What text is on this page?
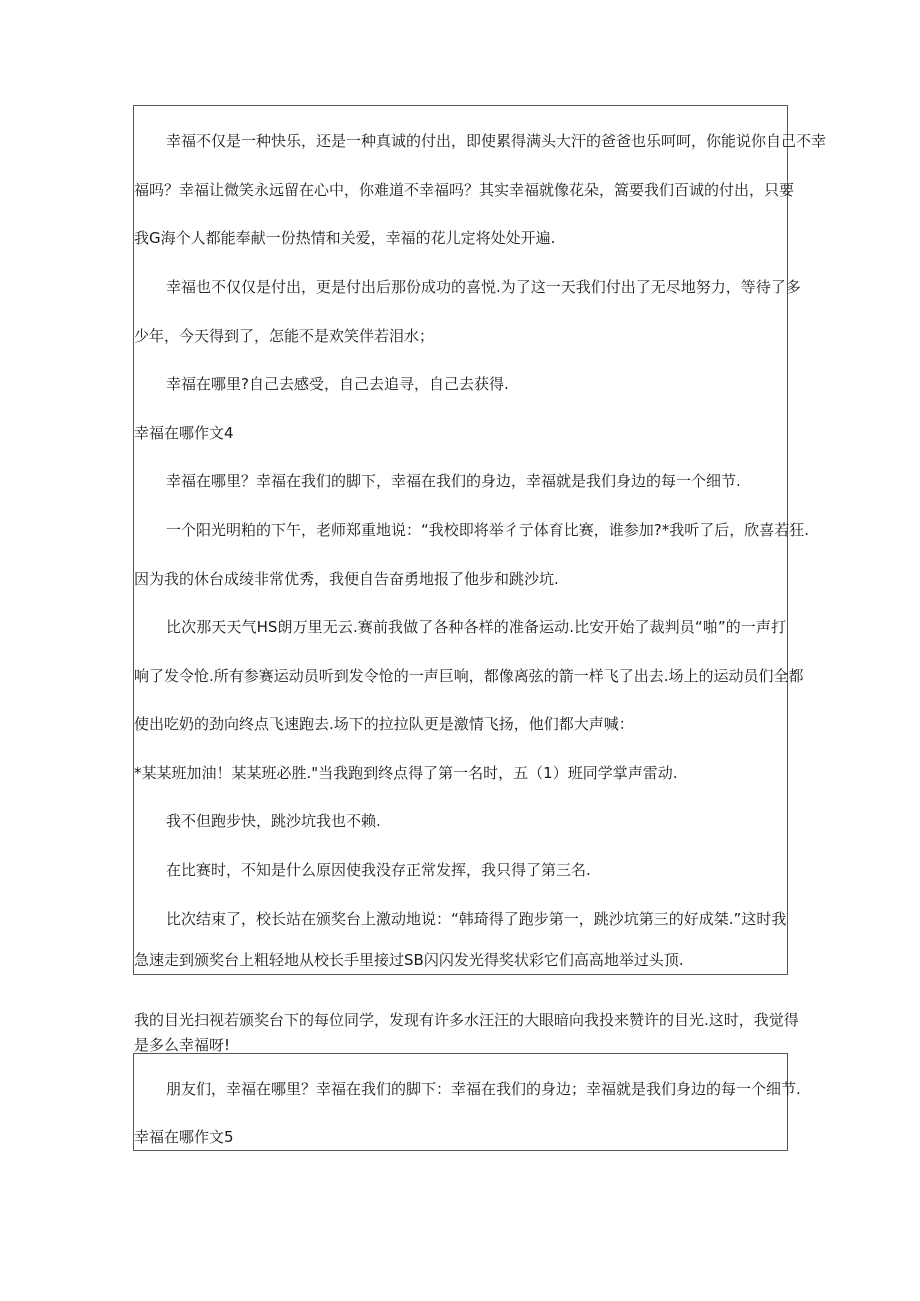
幸福不仅是一种快乐，还是一种真诚的付出，即使累得满头大汗的爸爸也乐呵呵，你能说你自己不幸
福吗？幸福让微笑永远留在心中，你难道不幸福吗？其实幸福就像花朵，篙要我们百诚的付出，只要
我G海个人都能奉献一份热情和关爱，幸福的花儿定将处处开遍.
幸福也不仅仅是付出，更是付出后那份成功的喜悦.为了这一天我们付出了无尽地努力，等待了多
少年，今天得到了，怎能不是欢笑伴若泪水；
幸福在哪里?自己去感受，自己去追寻，自己去获得.
幸福在哪作文4
幸福在哪里？幸福在我们的脚下，幸福在我们的身边，幸福就是我们身边的每一个细节.
一个阳光明粕的下午，老师郑重地说：“我校即将举彳亍体育比赛，谁参加?*我听了后，欣喜若狂.
因为我的休台成绫非常优秀，我便自告奋勇地报了他步和跳沙坑.
比次那天天气HS朗万里无云.赛前我做了各种各样的准备运动.比安开始了裁判员“啪”的一声打
响了发令怆.所有参赛运动员听到发令怆的一声巨响，都像离弦的箭一样飞了出去.场上的运动员们全都
使出吃奶的劲向终点飞速跑去.场下的拉拉队更是激情飞扬，他们都大声喊：
*某某班加油！某某班必胜."当我跑到终点得了第一名时，五（1）班同学掌声雷动.
我不但跑步快，跳沙坑我也不赖.
在比赛时，不知是什么原因使我没存正常发挥，我只得了第三名.
比次结束了，校长站在颁奖台上激动地说：“韩琦得了跑步第一，跳沙坑第三的好成桀.”这时我
急速走到颁奖台上粗轻地从校长手里接过SB闪闪发光得奖状彩它们高高地举过头顶.
我的目光扫视若颁奖台下的每位同学，发现有许多水汪汪的大眼暗向我投来赞许的目光.这时，我觉得
是多么幸福呀!
朋友们，幸福在哪里？幸福在我们的脚下：幸福在我们的身边；幸福就是我们身边的每一个细节.
幸福在哪作文5
